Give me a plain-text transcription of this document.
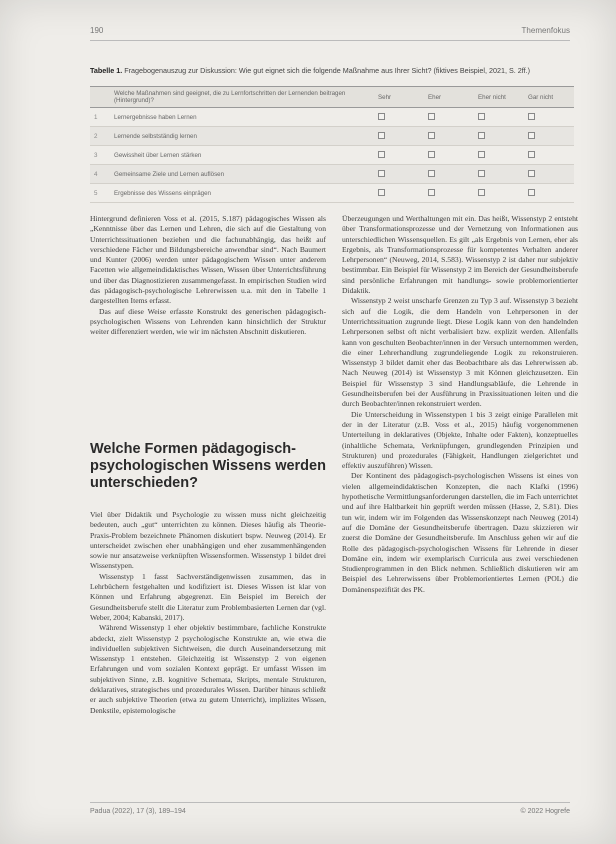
190	Themenfokus
Tabelle 1. Fragebogenauszug zur Diskussion: Wie gut eignet sich die folgende Maßnahme aus Ihrer Sicht? (fiktives Beispiel, 2021, S. 2ff.)
	Welche Maßnahmen sind geeignet, die zu Lernfortschritten der Lernenden beitragen (Hintergrund)?	Sehr	Eher	Eher nicht	Gar nicht
1	Lernergebnisse haben Lernen				
2	Lernende selbstständig lernen				
3	Gewissheit über Lernen stärken				
4	Gemeinsame Ziele und Lernen auflösen				
5	Ergebnisse des Wissens einprägen				

Hintergrund definieren Voss et al. (2015, S.187) pädagogisches Wissen als „Kenntnisse über das Lernen und Lehren, die sich auf die Gestaltung von Unterrichtssituationen beziehen und die fachunabhängig, das heißt auf verschiedene Fächer und Bildungsbereiche anwendbar sind“. Nach Baumert und Kunter (2006) werden unter pädagogischem Wissen unter anderem Facetten wie allgemeindidaktisches Wissen, Wissen über Unterrichtsführung und über das Diagnostizieren zusammengefasst. In empirischen Studien wird das pädagogisch-psychologische Lehrerwissen u.a. mit den in Tabelle 1 dargestellten Items erfasst.

Das auf diese Weise erfasste Konstrukt des generischen pädagogisch-psychologischen Wissens von Lehrenden kann hinsichtlich der Struktur weiter differenziert werden, wie wir im nächsten Abschnitt diskutieren.

Welche Formen pädagogisch-psychologischen Wissens werden unterschieden?

Viel über Didaktik und Psychologie zu wissen muss nicht gleichzeitig bedeuten, auch „gut“ unterrichten zu können. Dieses häufig als Theorie-Praxis-Problem bezeichnete Phänomen diskutiert bspw. Neuweg (2014). Er unterscheidet zwischen eher unabhängigen und eher zusammenhängenden sowie nur ansatzweise verknüpften Wissensformen. Wissenstyp 1 bildet drei Wissenstypen.

Wissenstyp 1 fasst Sachverständigenwissen zusammen, das in Lehrbüchern festgehalten und kodifiziert ist. Dieses Wissen ist klar von Können und Erfahrung abgegrenzt. Ein Beispiel im Bereich der Gesundheitsberufe stellt die Literatur zum Problembasierten Lernen dar (vgl. Weber, 2004; Kabanski, 2017).

Während Wissenstyp 1 eher objektiv bestimmbare, fachliche Konstrukte abdeckt, zielt Wissenstyp 2 psychologische Konstrukte an, wie etwa die individuellen subjektiven Sichtweisen, die durch Auseinandersetzung mit Wissenstyp 1 entstehen. Gleichzeitig ist Wissenstyp 2 von eigenen Erfahrungen und vom sozialen Kontext geprägt. Er umfasst Wissen im subjektiven Sinne, z.B. kognitive Schemata, Skripts, mentale Strukturen, deklaratives, strategisches und prozedurales Wissen. Darüber hinaus schließt er auch subjektive Theorien (etwa zu gutem Unterricht), implizites Wissen, Denkstile, epistemologische

Überzeugungen und Werthaltungen mit ein. Das heißt, Wissenstyp 2 entsteht über Transformationsprozesse und der Vernetzung von Informationen aus unterschiedlichen Wissensquellen. Es gilt „als Ergebnis von Lernen, eher als Ergebnis, als Transformationsprozesse für kompetentes Verhalten anderer Lehrpersonen“ (Neuweg, 2014, S.583). Wissenstyp 2 ist daher nur subjektiv bestimmbar. Ein Beispiel für Wissenstyp 2 im Bereich der Gesundheitsberufe sind persönliche Erfahrungen mit handlungs- sowie problemorientierter Didaktik.

Wissenstyp 2 weist unscharfe Grenzen zu Typ 3 auf. Wissenstyp 3 bezieht sich auf die Logik, die dem Handeln von Lehrpersonen in der Unterrichtssituation zugrunde liegt. Diese Logik kann von den handelnden Lehrpersonen selbst oft nicht verbalisiert bzw. explizit werden. Allenfalls kann von geschulten Beobachter/innen in der Versuch unternommen werden, die einer Lehrerhandlung zugrundeliegende Logik zu rekonstruieren. Wissenstyp 3 bildet damit eher das Beobachtbare als das Lehrerwissen ab. Nach Neuweg (2014) ist Wissenstyp 3 mit Können gleichzusetzen. Ein Beispiel für Wissenstyp 3 sind Handlungsabläufe, die Lehrende in Gesundheitsberufen bei der Ausführung in Praxissituationen leiten und die durch Beobachter/innen rekonstruiert werden.

Die Unterscheidung in Wissenstypen 1 bis 3 zeigt einige Parallelen mit der in der Literatur (z.B. Voss et al., 2015) häufig vorgenommenen Unterteilung in deklaratives (Objekte, Inhalte oder Fakten), konzeptuelles (inhaltliche Schemata, Verknüpfungen, grundlegenden Prinzipien und Strukturen) und prozedurales (Fähigkeit, Handlungen zielgerichtet und effektiv auszuführen) Wissen.

Der Kontinent des pädagogisch-psychologischen Wissens ist eines von vielen allgemeindidaktischen Konzepten, die nach Klafki (1996) hypothetische Vermittlungsanforderungen darstellen, die im Fach unterrichtet und auf ihre Haltbarkeit hin geprüft werden müssen (Hasse, 2, S.81). Dies tun wir, indem wir im Folgenden das Wissenskonzept nach Neuweg (2014) auf die Domäne der Gesundheitsberufe übertragen. Dazu skizzieren wir zuerst die Domäne der Gesundheitsberufe. Im Anschluss gehen wir auf die Rolle des pädagogisch-psychologischen Wissens für Lehrende in dieser Domäne ein, indem wir exemplarisch Curricula aus zwei verschiedenen Studienprogrammen in den Blick nehmen. Schließlich diskutieren wir am Beispiel des Lehrerwissens über Problemorientiertes Lernen (POL) die Domänenspezifität des PK.

Padua (2022), 17 (3), 189–194	© 2022 Hogrefe
